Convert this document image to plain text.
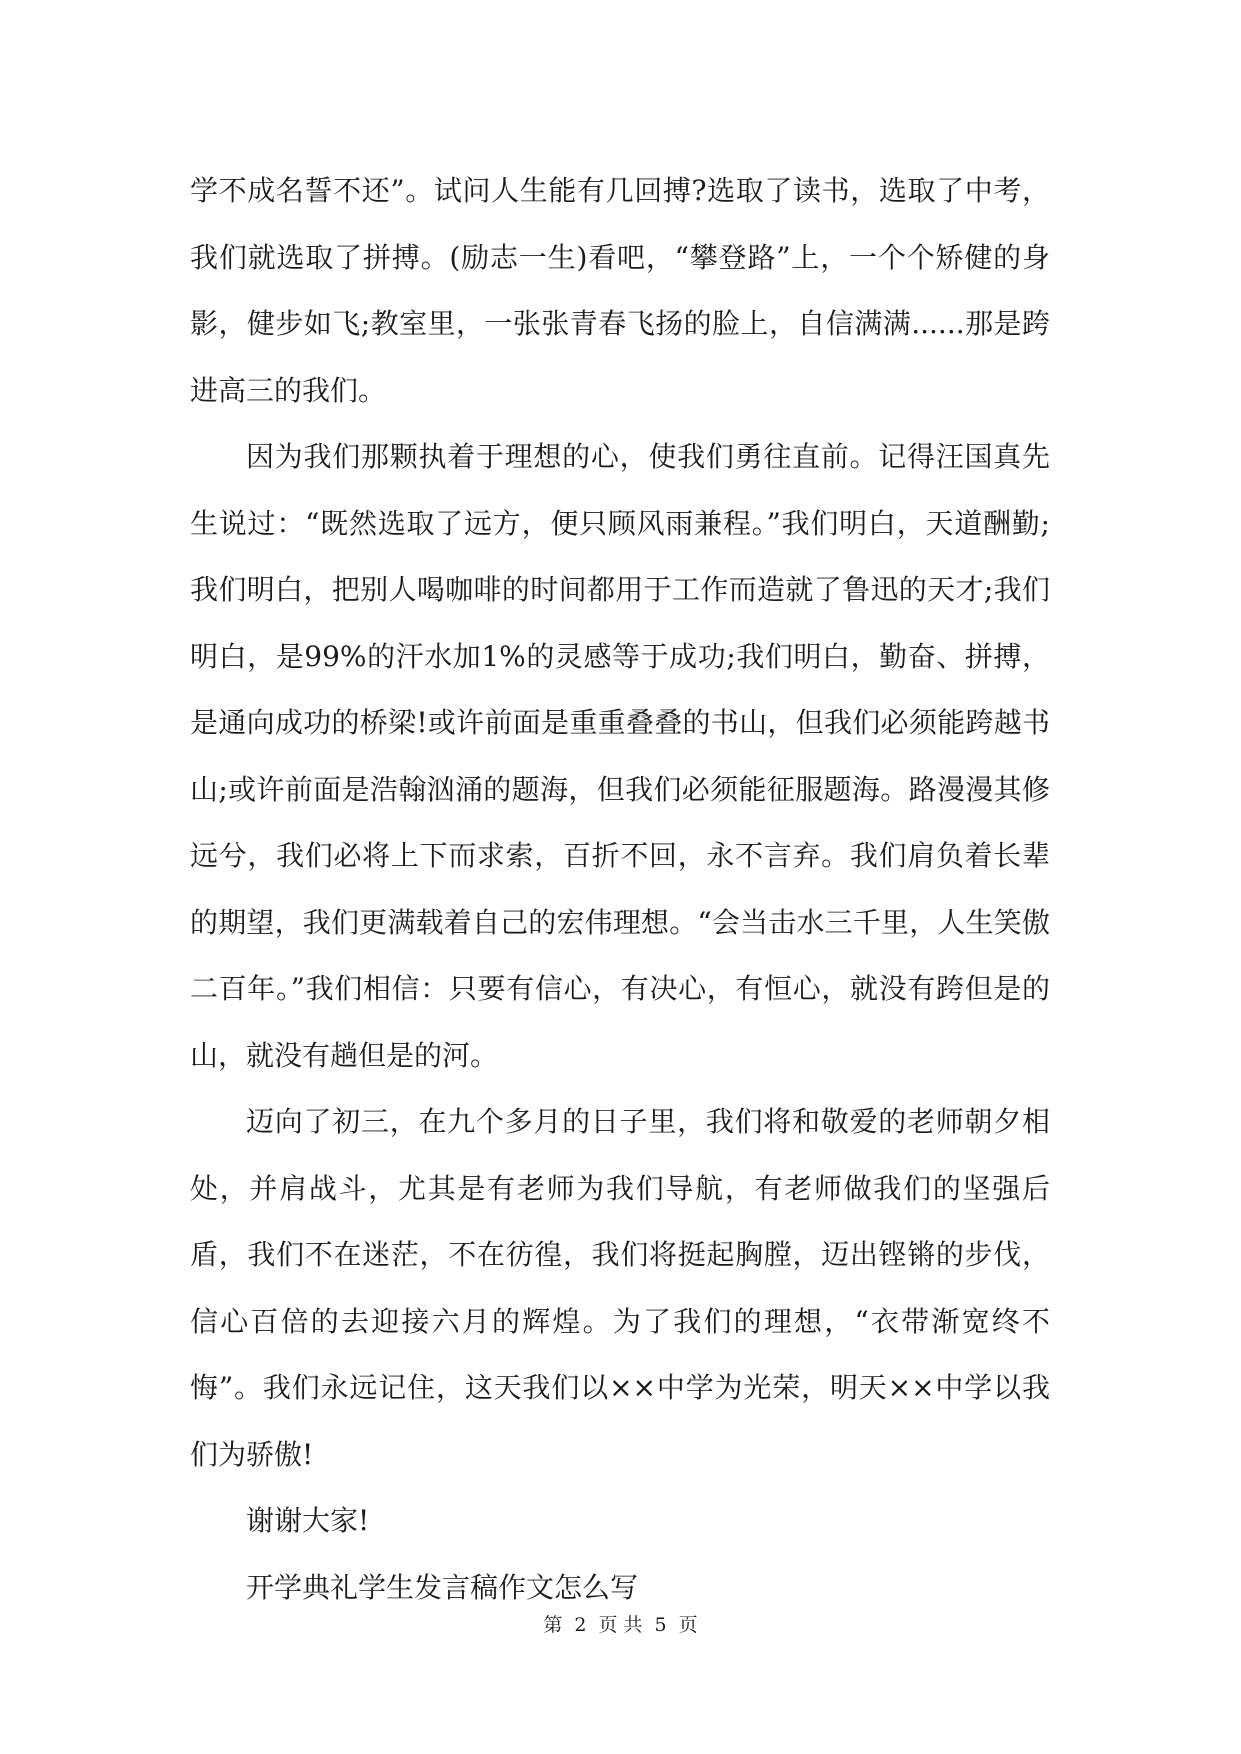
学不成名誓不还”。试问人生能有几回搏?选取了读书，选取了中考，我们就选取了拼搏。(励志一生)看吧，“攀登路”上，一个个矫健的身影，健步如飞;教室里，一张张青春飞扬的脸上，自信满满......那是跨进高三的我们。

因为我们那颗执着于理想的心，使我们勇往直前。记得汪国真先生说过：“既然选取了远方，便只顾风雨兼程。”我们明白，天道酬勤;我们明白，把别人喝咖啡的时间都用于工作而造就了鲁迅的天才;我们明白，是99%的汗水加1%的灵感等于成功;我们明白，勤奋、拼搏，是通向成功的桥梁!或许前面是重重叠叠的书山，但我们必须能跨越书山;或许前面是浩翰汹涌的题海，但我们必须能征服题海。路漫漫其修远兮，我们必将上下而求索，百折不回，永不言弃。我们肩负着长辈的期望，我们更满载着自己的宏伟理想。“会当击水三千里，人生笑傲二百年。”我们相信：只要有信心，有决心，有恒心，就没有跨但是的山，就没有趟但是的河。

迈向了初三，在九个多月的日子里，我们将和敬爱的老师朝夕相处，并肩战斗，尤其是有老师为我们导航，有老师做我们的坚强后盾，我们不在迷茫，不在彷徨，我们将挺起胸膛，迈出铿锵的步伐，信心百倍的去迎接六月的辉煌。为了我们的理想，“衣带渐宽终不悔”。我们永远记住，这天我们以××中学为光荣，明天××中学以我们为骄傲!

谢谢大家!

开学典礼学生发言稿作文怎么写

第 2 页 共 5 页
